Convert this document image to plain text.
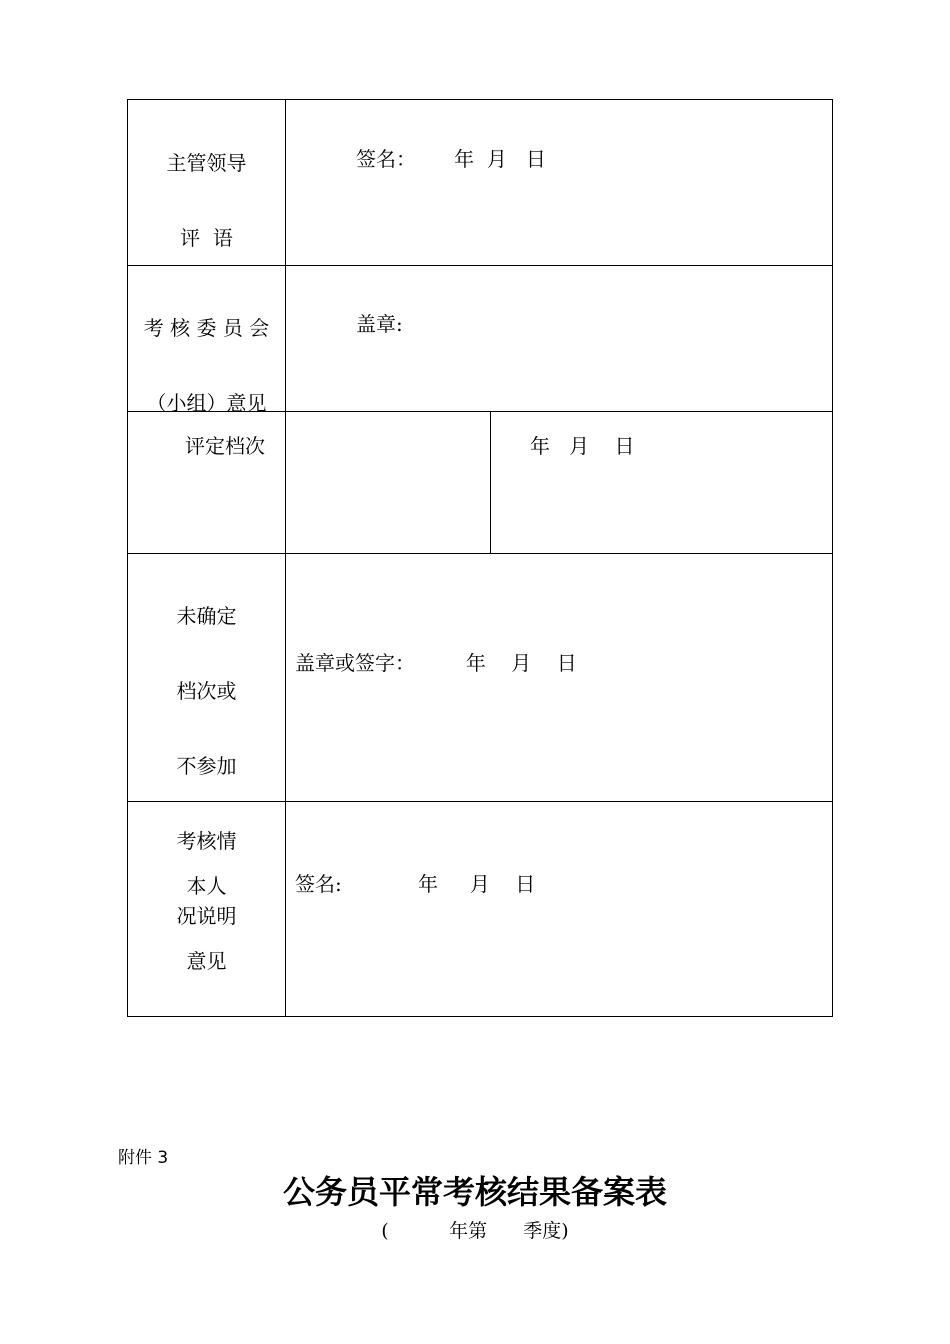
主管领导

评  语

签名：      年  月   日

考 核 委 员 会

（小组）意见

盖章:
评定档次	年   月    日

未确定

档次或

不参加

考核情

况说明

盖章或签字：        年    月    日

本人

意见

签名:            年     月    日
附件 3
公务员平常考核结果备案表
(          年第      季度)
